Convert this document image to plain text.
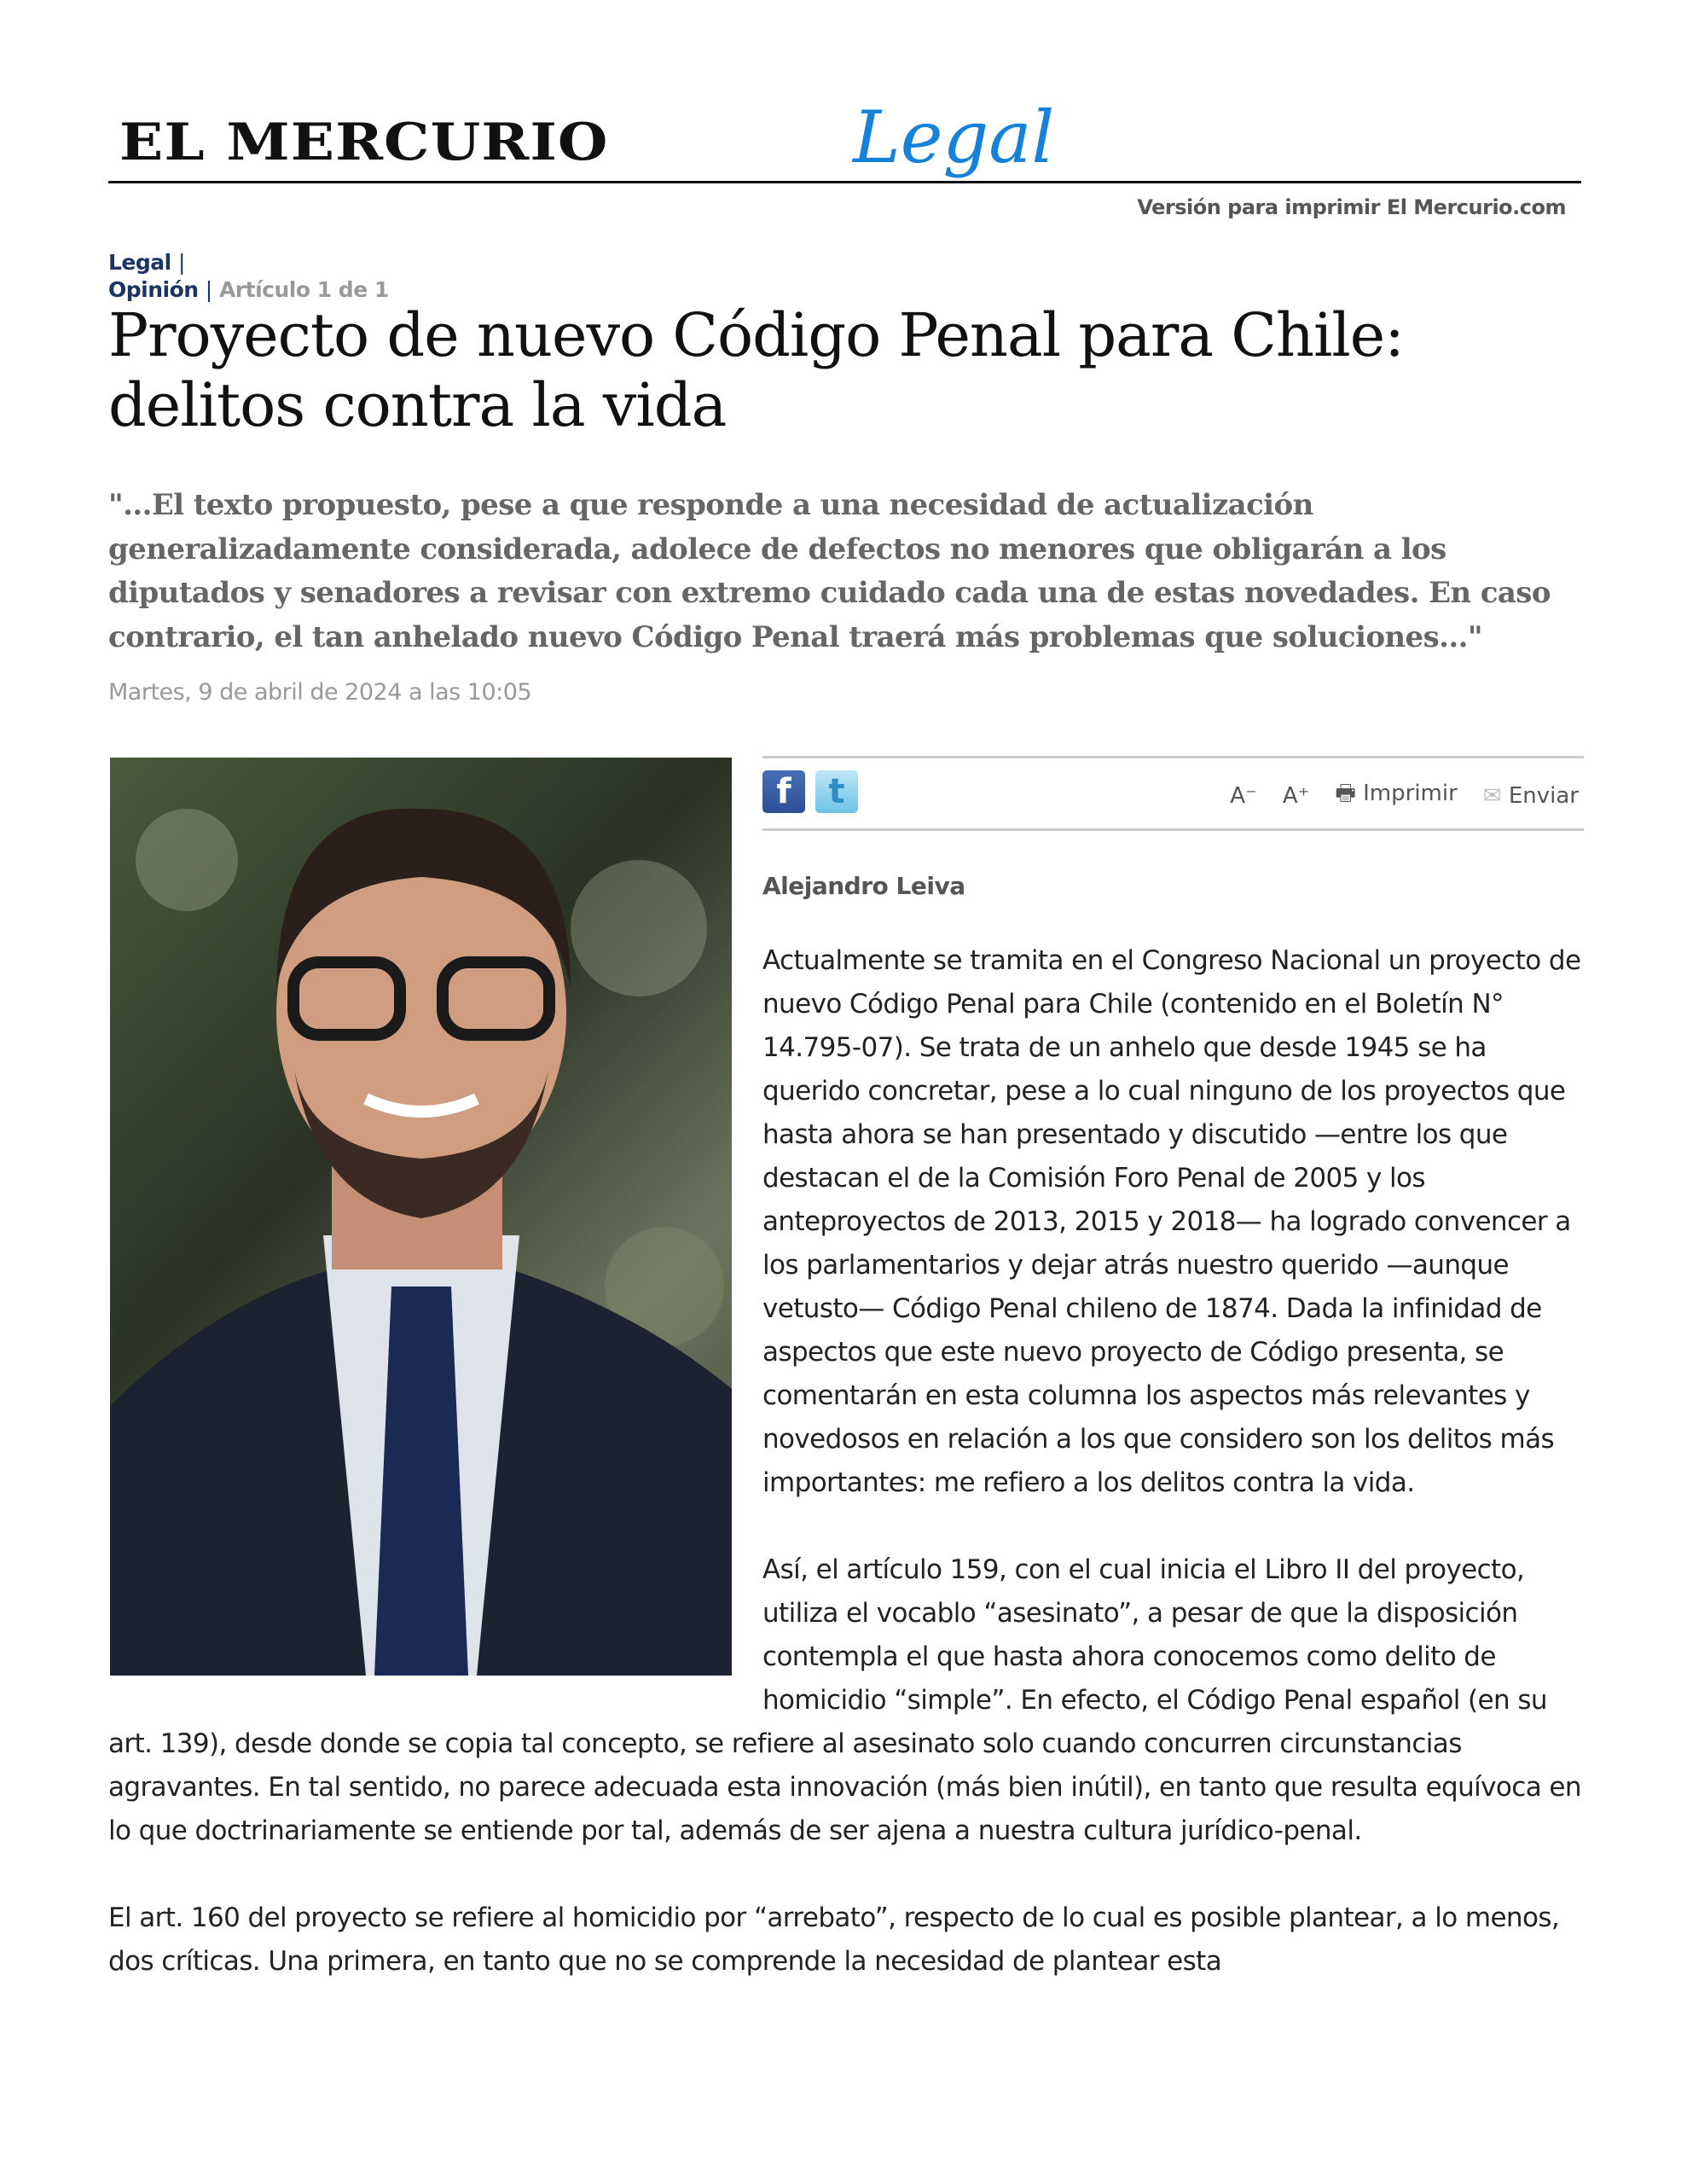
EL MERCURIO	Legal
Versión para imprimir El Mercurio.com
Legal |
Opinión | Artículo 1 de 1
Proyecto de nuevo Código Penal para Chile: delitos contra la vida
"...El texto propuesto, pese a que responde a una necesidad de actualización generalizadamente considerada, adolece de defectos no menores que obligarán a los diputados y senadores a revisar con extremo cuidado cada una de estas novedades. En caso contrario, el tan anhelado nuevo Código Penal traerá más problemas que soluciones..."
Martes, 9 de abril de 2024 a las 10:05
f	t	A⁻ A⁺ 🖶 Imprimir ✉ Enviar
Alejandro Leiva

Actualmente se tramita en el Congreso Nacional un proyecto de nuevo Código Penal para Chile (contenido en el Boletín N° 14.795-07). Se trata de un anhelo que desde 1945 se ha querido concretar, pese a lo cual ninguno de los proyectos que hasta ahora se han presentado y discutido —entre los que destacan el de la Comisión Foro Penal de 2005 y los anteproyectos de 2013, 2015 y 2018— ha logrado convencer a los parlamentarios y dejar atrás nuestro querido —aunque vetusto— Código Penal chileno de 1874. Dada la infinidad de aspectos que este nuevo proyecto de Código presenta, se comentarán en esta columna los aspectos más relevantes y novedosos en relación a los que considero son los delitos más importantes: me refiero a los delitos contra la vida.

Así, el artículo 159, con el cual inicia el Libro II del proyecto, utiliza el vocablo “asesinato”, a pesar de que la disposición contempla el que hasta ahora conocemos como delito de homicidio “simple”. En efecto, el Código Penal español (en su art. 139), desde donde se copia tal concepto, se refiere al asesinato solo cuando concurren circunstancias agravantes. En tal sentido, no parece adecuada esta innovación (más bien inútil), en tanto que resulta equívoca en lo que doctrinariamente se entiende por tal, además de ser ajena a nuestra cultura jurídico-penal.

El art. 160 del proyecto se refiere al homicidio por “arrebato”, respecto de lo cual es posible plantear, a lo menos, dos críticas. Una primera, en tanto que no se comprende la necesidad de plantear esta
